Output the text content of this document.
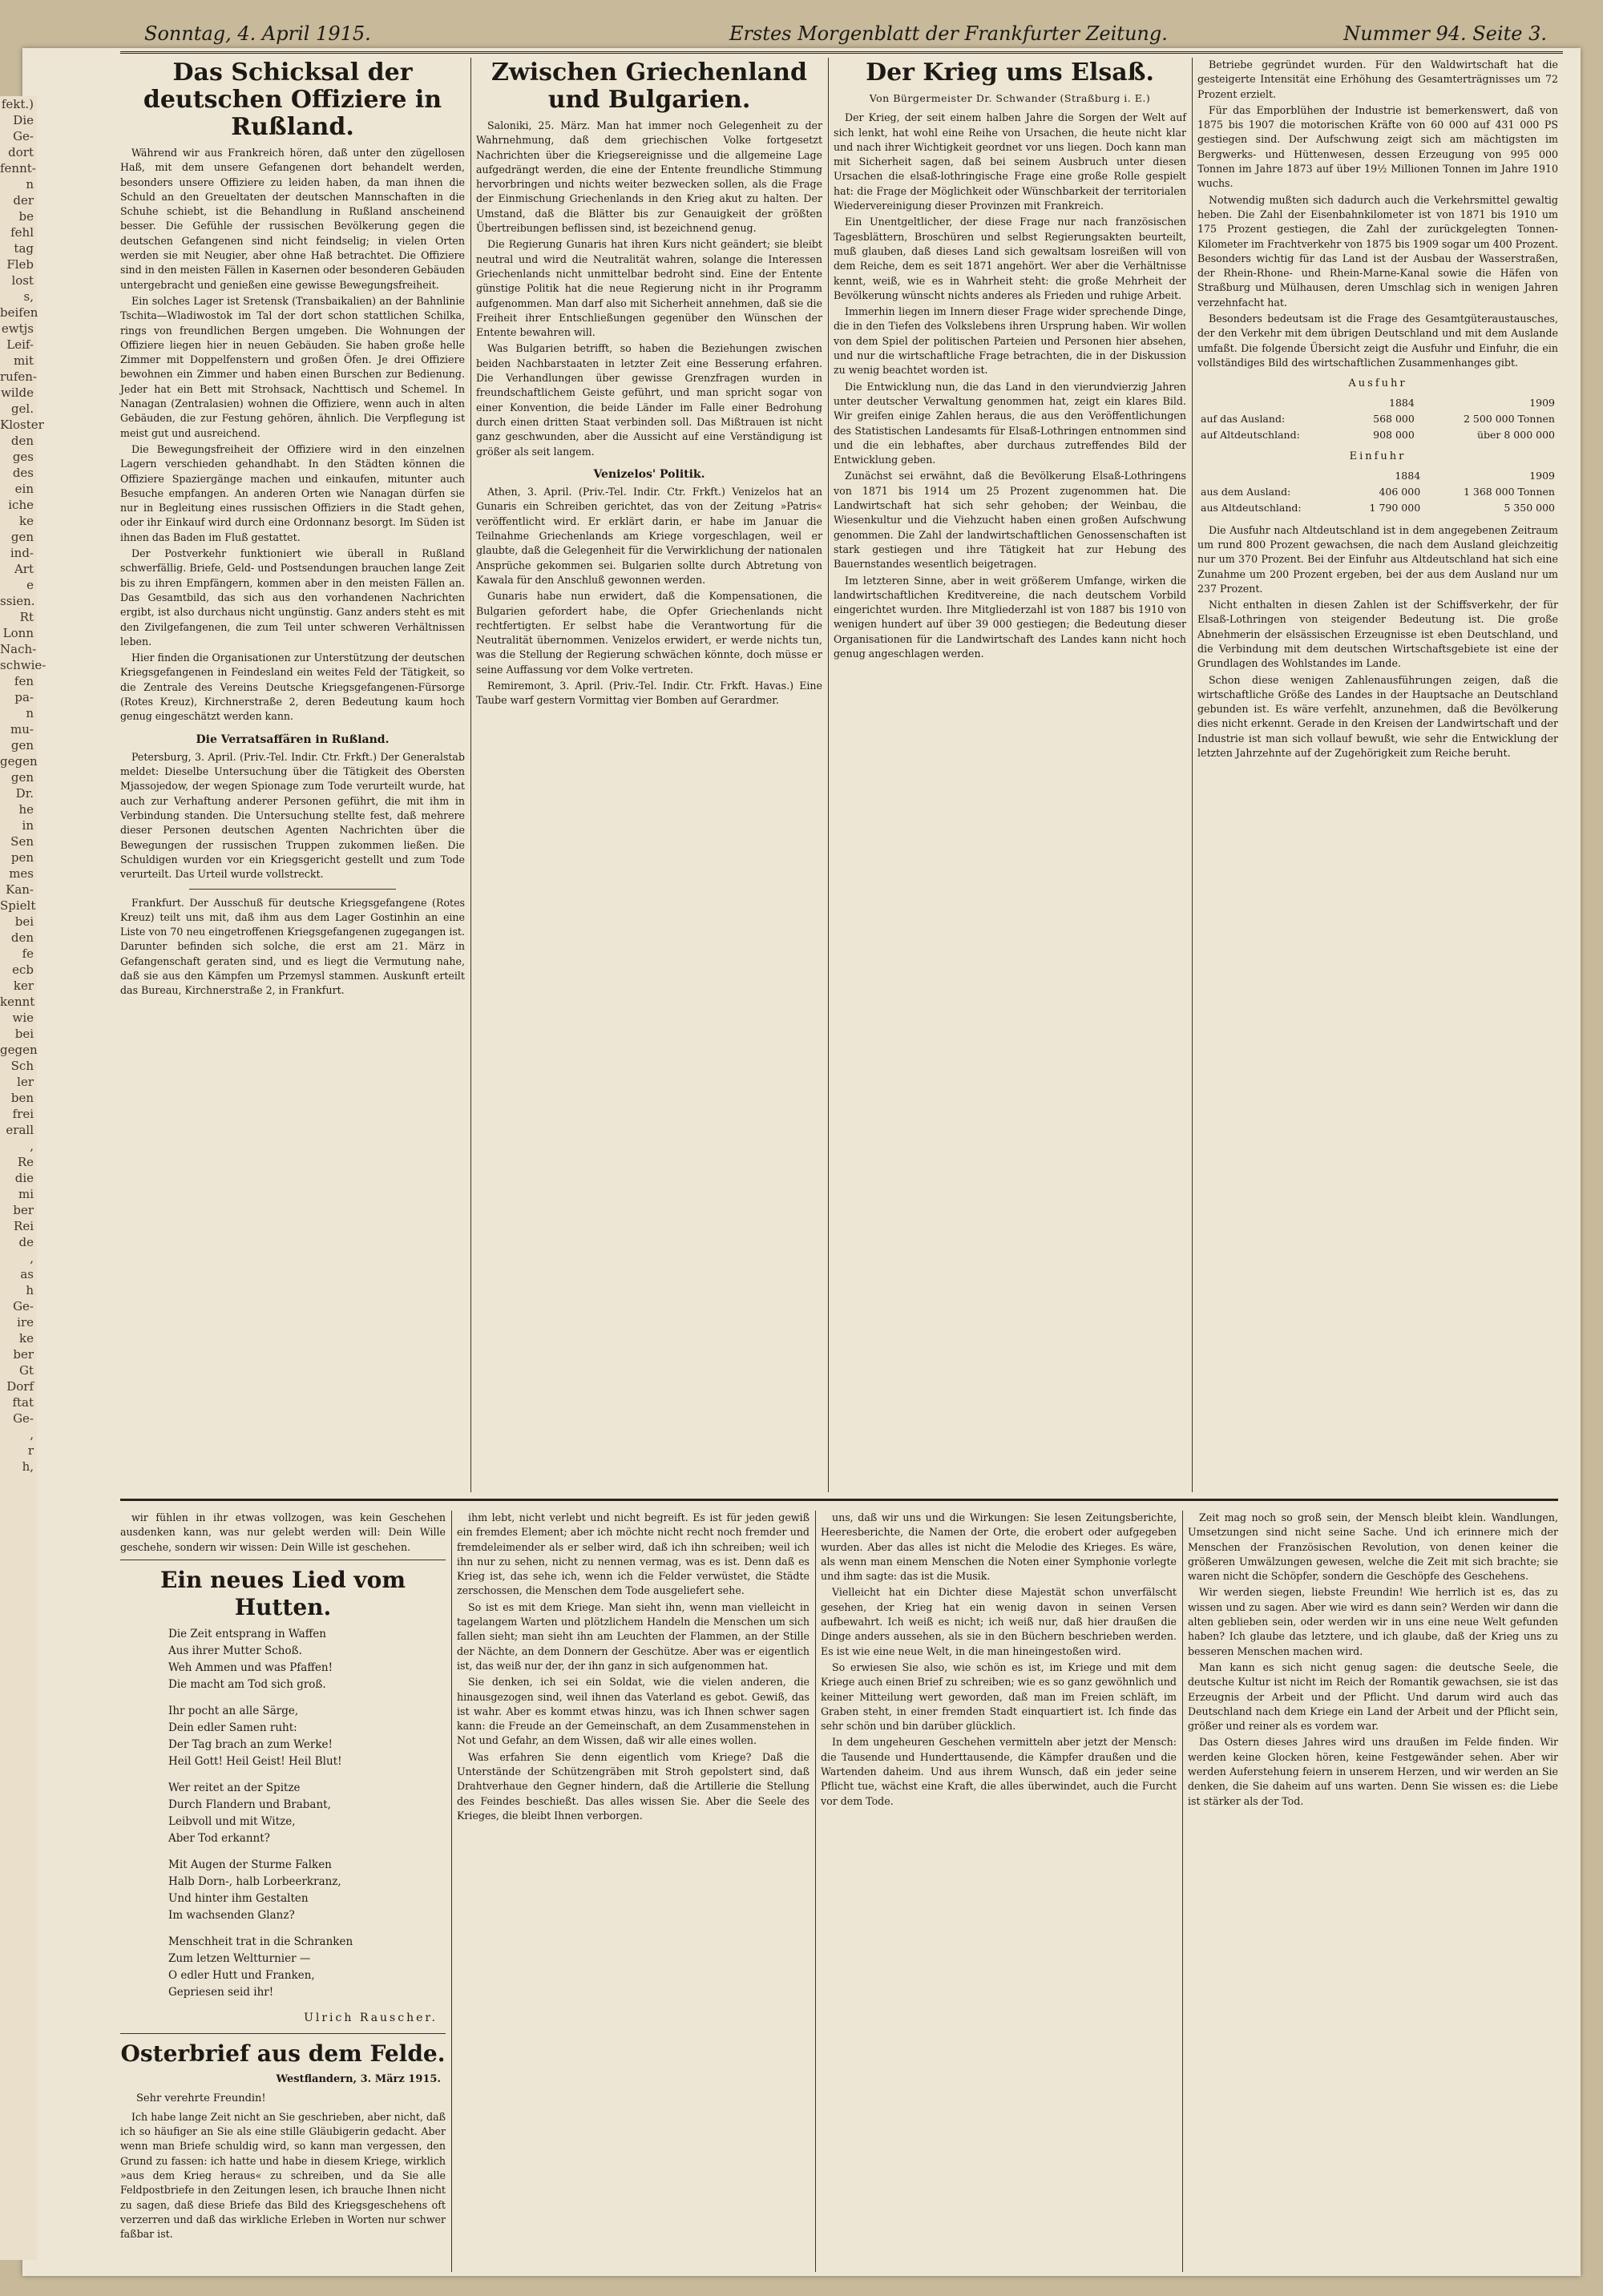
fekt.)
Die
Ge-
dort
fennt-
n
der
be
fehl
tag
Fleb
lost
s,
beifen
ewtjs
Leif-
mit
rufen-
wilde
gel.
Kloster
den
ges
des
ein
iche
ke
gen
ind-
Art
e
ssien.
Rt
Lonn
Nach-
schwie-
fen
pa-
n
mu-
gen
gegen
gen
Dr.
he
in
Sen
pen
mes
Kan-
Spielt
bei
den
fe
ecb
ker
kennt
wie
bei
gegen
Sch
ler
ben
frei
erall
,
Re
die
mi
ber
Rei
de
,
as
h
Ge-
ire
ke
ber
Gt
Dorf
ftat
Ge-
,
r
h,
Sonntag, 4. April 1915.	Erstes Morgenblatt der Frankfurter Zeitung.	Nummer 94. Seite 3.
Das Schicksal der deutschen Offiziere in Rußland.

Während wir aus Frankreich hören, daß unter den zügellosen Haß, mit dem unsere Gefangenen dort behandelt werden, besonders unsere Offiziere zu leiden haben, da man ihnen die Schuld an den Greueltaten der deutschen Mannschaften in die Schuhe schiebt, ist die Behandlung in Rußland anscheinend besser. Die Gefühle der russischen Bevölkerung gegen die deutschen Gefangenen sind nicht feindselig; in vielen Orten werden sie mit Neugier, aber ohne Haß betrachtet. Die Offiziere sind in den meisten Fällen in Kasernen oder besonderen Gebäuden untergebracht und genießen eine gewisse Bewegungsfreiheit.

Ein solches Lager ist Sretensk (Transbaikalien) an der Bahnlinie Tschita—Wladiwostok im Tal der dort schon stattlichen Schilka, rings von freundlichen Bergen umgeben. Die Wohnungen der Offiziere liegen hier in neuen Gebäuden. Sie haben große helle Zimmer mit Doppelfenstern und großen Öfen. Je drei Offiziere bewohnen ein Zimmer und haben einen Burschen zur Bedienung. Jeder hat ein Bett mit Strohsack, Nachttisch und Schemel. In Nanagan (Zentralasien) wohnen die Offiziere, wenn auch in alten Gebäuden, die zur Festung gehören, ähnlich. Die Verpflegung ist meist gut und ausreichend.

Die Bewegungsfreiheit der Offiziere wird in den einzelnen Lagern verschieden gehandhabt. In den Städten können die Offiziere Spaziergänge machen und einkaufen, mitunter auch Besuche empfangen. An anderen Orten wie Nanagan dürfen sie nur in Begleitung eines russischen Offiziers in die Stadt gehen, oder ihr Einkauf wird durch eine Ordonnanz besorgt. Im Süden ist ihnen das Baden im Fluß gestattet.

Der Postverkehr funktioniert wie überall in Rußland schwerfällig. Briefe, Geld- und Postsendungen brauchen lange Zeit bis zu ihren Empfängern, kommen aber in den meisten Fällen an. Das Gesamtbild, das sich aus den vorhandenen Nachrichten ergibt, ist also durchaus nicht ungünstig. Ganz anders steht es mit den Zivilgefangenen, die zum Teil unter schweren Verhältnissen leben.

Hier finden die Organisationen zur Unterstützung der deutschen Kriegsgefangenen in Feindesland ein weites Feld der Tätigkeit, so die Zentrale des Vereins Deutsche Kriegsgefangenen-Fürsorge (Rotes Kreuz), Kirchnerstraße 2, deren Bedeutung kaum hoch genug eingeschätzt werden kann.

Die Verratsaffären in Rußland.

Petersburg, 3. April. (Priv.-Tel. Indir. Ctr. Frkft.) Der Generalstab meldet: Dieselbe Untersuchung über die Tätigkeit des Obersten Mjassojedow, der wegen Spionage zum Tode verurteilt wurde, hat auch zur Verhaftung anderer Personen geführt, die mit ihm in Verbindung standen. Die Untersuchung stellte fest, daß mehrere dieser Personen deutschen Agenten Nachrichten über die Bewegungen der russischen Truppen zukommen ließen. Die Schuldigen wurden vor ein Kriegsgericht gestellt und zum Tode verurteilt. Das Urteil wurde vollstreckt.

Frankfurt. Der Ausschuß für deutsche Kriegsgefangene (Rotes Kreuz) teilt uns mit, daß ihm aus dem Lager Gostinhin an eine Liste von 70 neu eingetroffenen Kriegsgefangenen zugegangen ist. Darunter befinden sich solche, die erst am 21. März in Gefangenschaft geraten sind, und es liegt die Vermutung nahe, daß sie aus den Kämpfen um Przemysl stammen. Auskunft erteilt das Bureau, Kirchnerstraße 2, in Frankfurt.

Zwischen Griechenland und Bulgarien.

Saloniki, 25. März. Man hat immer noch Gelegenheit zu der Wahrnehmung, daß dem griechischen Volke fortgesetzt Nachrichten über die Kriegsereignisse und die allgemeine Lage aufgedrängt werden, die eine der Entente freundliche Stimmung hervorbringen und nichts weiter bezwecken sollen, als die Frage der Einmischung Griechenlands in den Krieg akut zu halten. Der Umstand, daß die Blätter bis zur Genauigkeit der größten Übertreibungen beflissen sind, ist bezeichnend genug.

Die Regierung Gunaris hat ihren Kurs nicht geändert; sie bleibt neutral und wird die Neutralität wahren, solange die Interessen Griechenlands nicht unmittelbar bedroht sind. Eine der Entente günstige Politik hat die neue Regierung nicht in ihr Programm aufgenommen. Man darf also mit Sicherheit annehmen, daß sie die Freiheit ihrer Entschließungen gegenüber den Wünschen der Entente bewahren will.

Was Bulgarien betrifft, so haben die Beziehungen zwischen beiden Nachbarstaaten in letzter Zeit eine Besserung erfahren. Die Verhandlungen über gewisse Grenzfragen wurden in freundschaftlichem Geiste geführt, und man spricht sogar von einer Konvention, die beide Länder im Falle einer Bedrohung durch einen dritten Staat verbinden soll. Das Mißtrauen ist nicht ganz geschwunden, aber die Aussicht auf eine Verständigung ist größer als seit langem.

Venizelos' Politik.

Athen, 3. April. (Priv.-Tel. Indir. Ctr. Frkft.) Venizelos hat an Gunaris ein Schreiben gerichtet, das von der Zeitung »Patris« veröffentlicht wird. Er erklärt darin, er habe im Januar die Teilnahme Griechenlands am Kriege vorgeschlagen, weil er glaubte, daß die Gelegenheit für die Verwirklichung der nationalen Ansprüche gekommen sei. Bulgarien sollte durch Abtretung von Kawala für den Anschluß gewonnen werden.

Gunaris habe nun erwidert, daß die Kompensationen, die Bulgarien gefordert habe, die Opfer Griechenlands nicht rechtfertigten. Er selbst habe die Verantwortung für die Neutralität übernommen. Venizelos erwidert, er werde nichts tun, was die Stellung der Regierung schwächen könnte, doch müsse er seine Auffassung vor dem Volke vertreten.

Remiremont, 3. April. (Priv.-Tel. Indir. Ctr. Frkft. Havas.) Eine Taube warf gestern Vormittag vier Bomben auf Gerardmer.

Der Krieg ums Elsaß.
Von Bürgermeister Dr. Schwander (Straßburg i. E.)

Der Krieg, der seit einem halben Jahre die Sorgen der Welt auf sich lenkt, hat wohl eine Reihe von Ursachen, die heute nicht klar und nach ihrer Wichtigkeit geordnet vor uns liegen. Doch kann man mit Sicherheit sagen, daß bei seinem Ausbruch unter diesen Ursachen die elsaß-lothringische Frage eine große Rolle gespielt hat: die Frage der Möglichkeit oder Wünschbarkeit der territorialen Wiedervereinigung dieser Provinzen mit Frankreich.

Ein Unentgeltlicher, der diese Frage nur nach französischen Tagesblättern, Broschüren und selbst Regierungsakten beurteilt, muß glauben, daß dieses Land sich gewaltsam losreißen will von dem Reiche, dem es seit 1871 angehört. Wer aber die Verhältnisse kennt, weiß, wie es in Wahrheit steht: die große Mehrheit der Bevölkerung wünscht nichts anderes als Frieden und ruhige Arbeit.

Immerhin liegen im Innern dieser Frage wider sprechende Dinge, die in den Tiefen des Volkslebens ihren Ursprung haben. Wir wollen von dem Spiel der politischen Parteien und Personen hier absehen, und nur die wirtschaftliche Frage betrachten, die in der Diskussion zu wenig beachtet worden ist.

Die Entwicklung nun, die das Land in den vierundvierzig Jahren unter deutscher Verwaltung genommen hat, zeigt ein klares Bild. Wir greifen einige Zahlen heraus, die aus den Veröffentlichungen des Statistischen Landesamts für Elsaß-Lothringen entnommen sind und die ein lebhaftes, aber durchaus zutreffendes Bild der Entwicklung geben.

Zunächst sei erwähnt, daß die Bevölkerung Elsaß-Lothringens von 1871 bis 1914 um 25 Prozent zugenommen hat. Die Landwirtschaft hat sich sehr gehoben; der Weinbau, die Wiesenkultur und die Viehzucht haben einen großen Aufschwung genommen. Die Zahl der landwirtschaftlichen Genossenschaften ist stark gestiegen und ihre Tätigkeit hat zur Hebung des Bauernstandes wesentlich beigetragen.

Im letzteren Sinne, aber in weit größerem Umfange, wirken die landwirtschaftlichen Kreditvereine, die nach deutschem Vorbild eingerichtet wurden. Ihre Mitgliederzahl ist von 1887 bis 1910 von wenigen hundert auf über 39 000 gestiegen; die Bedeutung dieser Organisationen für die Landwirtschaft des Landes kann nicht hoch genug angeschlagen werden.

Betriebe gegründet wurden. Für den Waldwirtschaft hat die gesteigerte Intensität eine Erhöhung des Gesamterträgnisses um 72 Prozent erzielt.

Für das Emporblühen der Industrie ist bemerkenswert, daß von 1875 bis 1907 die motorischen Kräfte von 60 000 auf 431 000 PS gestiegen sind. Der Aufschwung zeigt sich am mächtigsten im Bergwerks- und Hüttenwesen, dessen Erzeugung von 995 000 Tonnen im Jahre 1873 auf über 19½ Millionen Tonnen im Jahre 1910 wuchs.

Notwendig mußten sich dadurch auch die Verkehrsmittel gewaltig heben. Die Zahl der Eisenbahnkilometer ist von 1871 bis 1910 um 175 Prozent gestiegen, die Zahl der zurückgelegten Tonnen-Kilometer im Frachtverkehr von 1875 bis 1909 sogar um 400 Prozent. Besonders wichtig für das Land ist der Ausbau der Wasserstraßen, der Rhein-Rhone- und Rhein-Marne-Kanal sowie die Häfen von Straßburg und Mülhausen, deren Umschlag sich in wenigen Jahren verzehnfacht hat.

Besonders bedeutsam ist die Frage des Gesamtgüteraustausches, der den Verkehr mit dem übrigen Deutschland und mit dem Auslande umfaßt. Die folgende Übersicht zeigt die Ausfuhr und Einfuhr, die ein vollständiges Bild des wirtschaftlichen Zusammenhanges gibt.

Ausfuhr
	1884	1909
auf das Ausland:	568 000	2 500 000 Tonnen
auf Altdeutschland:	908 000	über 8 000 000
Einfuhr
	1884	1909
aus dem Ausland:	406 000	1 368 000 Tonnen
aus Altdeutschland:	1 790 000	5 350 000

Die Ausfuhr nach Altdeutschland ist in dem angegebenen Zeitraum um rund 800 Prozent gewachsen, die nach dem Ausland gleichzeitig nur um 370 Prozent. Bei der Einfuhr aus Altdeutschland hat sich eine Zunahme um 200 Prozent ergeben, bei der aus dem Ausland nur um 237 Prozent.

Nicht enthalten in diesen Zahlen ist der Schiffsverkehr, der für Elsaß-Lothringen von steigender Bedeutung ist. Die große Abnehmerin der elsässischen Erzeugnisse ist eben Deutschland, und die Verbindung mit dem deutschen Wirtschaftsgebiete ist eine der Grundlagen des Wohlstandes im Lande.

Schon diese wenigen Zahlenausführungen zeigen, daß die wirtschaftliche Größe des Landes in der Hauptsache an Deutschland gebunden ist. Es wäre verfehlt, anzunehmen, daß die Bevölkerung dies nicht erkennt. Gerade in den Kreisen der Landwirtschaft und der Industrie ist man sich vollauf bewußt, wie sehr die Entwicklung der letzten Jahrzehnte auf der Zugehörigkeit zum Reiche beruht.

wir fühlen in ihr etwas vollzogen, was kein Geschehen ausdenken kann, was nur gelebt werden will: Dein Wille geschehe, sondern wir wissen: Dein Wille ist geschehen.

Ein neues Lied vom Hutten.
Die Zeit entsprang in Waffen
Aus ihrer Mutter Schoß.
Weh Ammen und was Pfaffen!
Die macht am Tod sich groß.
Ihr pocht an alle Särge,
Dein edler Samen ruht:
Der Tag brach an zum Werke!
Heil Gott! Heil Geist! Heil Blut!
Wer reitet an der Spitze
Durch Flandern und Brabant,
Leibvoll und mit Witze,
Aber Tod erkannt?
Mit Augen der Sturme Falken
Halb Dorn-, halb Lorbeerkranz,
Und hinter ihm Gestalten
Im wachsenden Glanz?
Menschheit trat in die Schranken
Zum letzen Weltturnier —
O edler Hutt und Franken,
Gepriesen seid ihr!
Ulrich Rauscher.
Osterbrief aus dem Felde.
Westflandern, 3. März 1915.
Sehr verehrte Freundin!

Ich habe lange Zeit nicht an Sie geschrieben, aber nicht, daß ich so häufiger an Sie als eine stille Gläubigerin gedacht. Aber wenn man Briefe schuldig wird, so kann man vergessen, den Grund zu fassen: ich hatte und habe in diesem Kriege, wirklich »aus dem Krieg heraus« zu schreiben, und da Sie alle Feldpostbriefe in den Zeitungen lesen, ich brauche Ihnen nicht zu sagen, daß diese Briefe das Bild des Kriegsgeschehens oft verzerren und daß das wirkliche Erleben in Worten nur schwer faßbar ist.

ihm lebt, nicht verlebt und nicht begreift. Es ist für jeden gewiß ein fremdes Element; aber ich möchte nicht recht noch fremder und fremdeleimender als er selber wird, daß ich ihn schreiben; weil ich ihn nur zu sehen, nicht zu nennen vermag, was es ist. Denn daß es Krieg ist, das sehe ich, wenn ich die Felder verwüstet, die Städte zerschossen, die Menschen dem Tode ausgeliefert sehe.

So ist es mit dem Kriege. Man sieht ihn, wenn man vielleicht in tagelangem Warten und plötzlichem Handeln die Menschen um sich fallen sieht; man sieht ihn am Leuchten der Flammen, an der Stille der Nächte, an dem Donnern der Geschütze. Aber was er eigentlich ist, das weiß nur der, der ihn ganz in sich aufgenommen hat.

Sie denken, ich sei ein Soldat, wie die vielen anderen, die hinausgezogen sind, weil ihnen das Vaterland es gebot. Gewiß, das ist wahr. Aber es kommt etwas hinzu, was ich Ihnen schwer sagen kann: die Freude an der Gemeinschaft, an dem Zusammenstehen in Not und Gefahr, an dem Wissen, daß wir alle eines wollen.

Was erfahren Sie denn eigentlich vom Kriege? Daß die Unterstände der Schützengräben mit Stroh gepolstert sind, daß Drahtverhaue den Gegner hindern, daß die Artillerie die Stellung des Feindes beschießt. Das alles wissen Sie. Aber die Seele des Krieges, die bleibt Ihnen verborgen.

uns, daß wir uns und die Wirkungen: Sie lesen Zeitungsberichte, Heeresberichte, die Namen der Orte, die erobert oder aufgegeben wurden. Aber das alles ist nicht die Melodie des Krieges. Es wäre, als wenn man einem Menschen die Noten einer Symphonie vorlegte und ihm sagte: das ist die Musik.

Vielleicht hat ein Dichter diese Majestät schon unverfälscht gesehen, der Krieg hat ein wenig davon in seinen Versen aufbewahrt. Ich weiß es nicht; ich weiß nur, daß hier draußen die Dinge anders aussehen, als sie in den Büchern beschrieben werden. Es ist wie eine neue Welt, in die man hineingestoßen wird.

So erwiesen Sie also, wie schön es ist, im Kriege und mit dem Kriege auch einen Brief zu schreiben; wie es so ganz gewöhnlich und keiner Mitteilung wert geworden, daß man im Freien schläft, im Graben steht, in einer fremden Stadt einquartiert ist. Ich finde das sehr schön und bin darüber glücklich.

In dem ungeheuren Geschehen vermitteln aber jetzt der Mensch: die Tausende und Hunderttausende, die Kämpfer draußen und die Wartenden daheim. Und aus ihrem Wunsch, daß ein jeder seine Pflicht tue, wächst eine Kraft, die alles überwindet, auch die Furcht vor dem Tode.

Zeit mag noch so groß sein, der Mensch bleibt klein. Wandlungen, Umsetzungen sind nicht seine Sache. Und ich erinnere mich der Menschen der Französischen Revolution, von denen keiner die größeren Umwälzungen gewesen, welche die Zeit mit sich brachte; sie waren nicht die Schöpfer, sondern die Geschöpfe des Geschehens.

Wir werden siegen, liebste Freundin! Wie herrlich ist es, das zu wissen und zu sagen. Aber wie wird es dann sein? Werden wir dann die alten geblieben sein, oder werden wir in uns eine neue Welt gefunden haben? Ich glaube das letztere, und ich glaube, daß der Krieg uns zu besseren Menschen machen wird.

Man kann es sich nicht genug sagen: die deutsche Seele, die deutsche Kultur ist nicht im Reich der Romantik gewachsen, sie ist das Erzeugnis der Arbeit und der Pflicht. Und darum wird auch das Deutschland nach dem Kriege ein Land der Arbeit und der Pflicht sein, größer und reiner als es vordem war.

Das Ostern dieses Jahres wird uns draußen im Felde finden. Wir werden keine Glocken hören, keine Festgewänder sehen. Aber wir werden Auferstehung feiern in unserem Herzen, und wir werden an Sie denken, die Sie daheim auf uns warten. Denn Sie wissen es: die Liebe ist stärker als der Tod.
